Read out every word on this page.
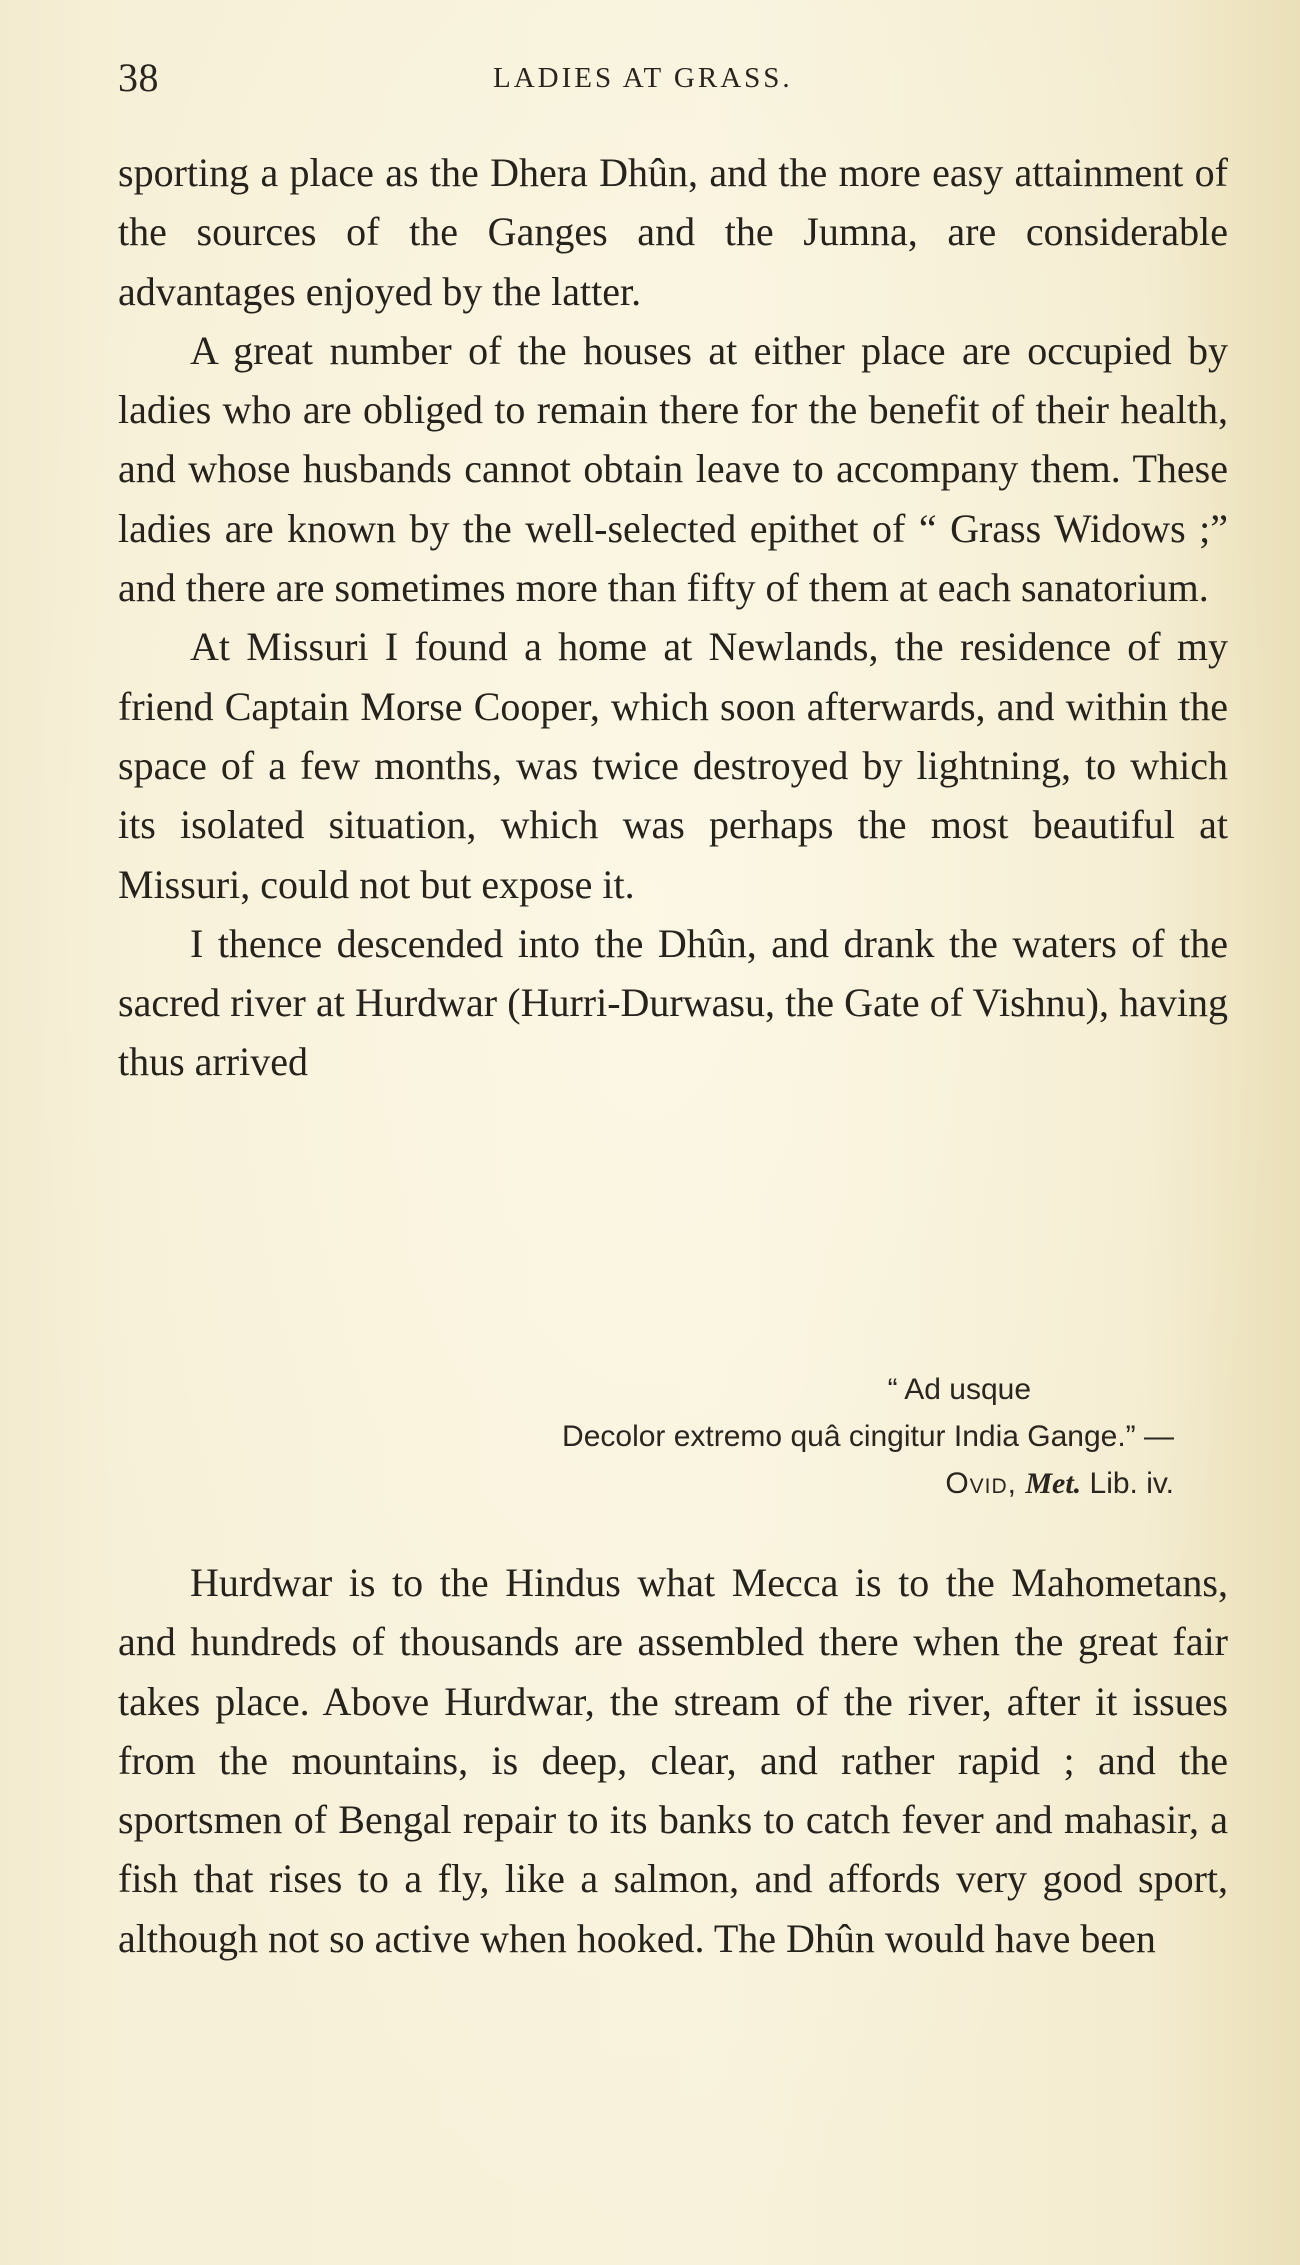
38	LADIES AT GRASS.

sporting a place as the Dhera Dhûn, and the more easy attainment of the sources of the Ganges and the Jumna, are considerable advantages enjoyed by the latter.

A great number of the houses at either place are occupied by ladies who are obliged to remain there for the benefit of their health, and whose husbands cannot obtain leave to accompany them. These ladies are known by the well-selected epithet of “ Grass Widows ;” and there are sometimes more than fifty of them at each sanatorium.

At Missuri I found a home at Newlands, the residence of my friend Captain Morse Cooper, which soon afterwards, and within the space of a few months, was twice destroyed by lightning, to which its isolated situation, which was perhaps the most beautiful at Missuri, could not but expose it.

I thence descended into the Dhûn, and drank the waters of the sacred river at Hurdwar (Hurri-Durwasu, the Gate of Vishnu), having thus arrived

“ Ad usque
Decolor extremo quâ cingitur India Gange.” —
Ovid, Met. Lib. iv.

Hurdwar is to the Hindus what Mecca is to the Mahometans, and hundreds of thousands are assembled there when the great fair takes place. Above Hurdwar, the stream of the river, after it issues from the mountains, is deep, clear, and rather rapid ; and the sportsmen of Bengal repair to its banks to catch fever and mahasir, a fish that rises to a fly, like a salmon, and affords very good sport, although not so active when hooked. The Dhûn would have been
